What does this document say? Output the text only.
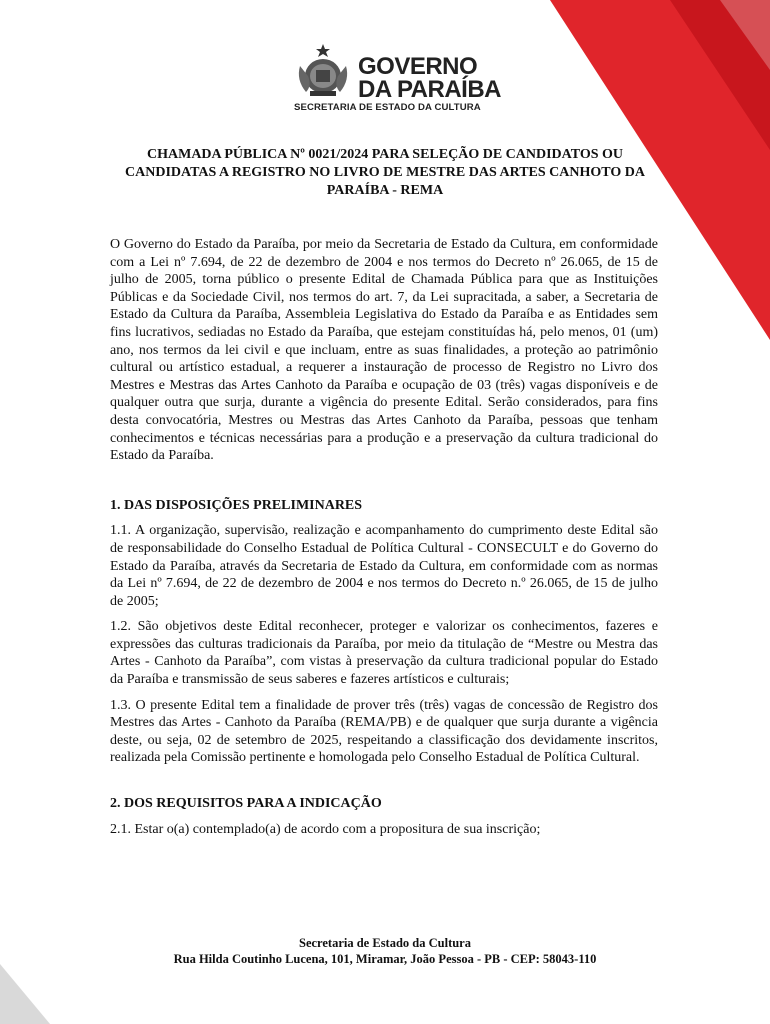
GOVERNO
DA PARAÍBA
SECRETARIA DE ESTADO DA CULTURA
CHAMADA PÚBLICA Nº 0021/2024 PARA SELEÇÃO DE CANDIDATOS OU CANDIDATAS A REGISTRO NO LIVRO DE MESTRE DAS ARTES CANHOTO DA PARAÍBA - REMA

O Governo do Estado da Paraíba, por meio da Secretaria de Estado da Cultura, em conformidade com a Lei nº 7.694, de 22 de dezembro de 2004 e nos termos do Decreto nº 26.065, de 15 de julho de 2005, torna público o presente Edital de Chamada Pública para que as Instituições Públicas e da Sociedade Civil, nos termos do art. 7, da Lei supracitada, a saber, a Secretaria de Estado da Cultura da Paraíba, Assembleia Legislativa do Estado da Paraíba e as Entidades sem fins lucrativos, sediadas no Estado da Paraíba, que estejam constituídas há, pelo menos, 01 (um) ano, nos termos da lei civil e que incluam, entre as suas finalidades, a proteção ao patrimônio cultural ou artístico estadual, a requerer a instauração de processo de Registro no Livro dos Mestres e Mestras das Artes Canhoto da Paraíba e ocupação de 03 (três) vagas disponíveis e de qualquer outra que surja, durante a vigência do presente Edital. Serão considerados, para fins desta convocatória, Mestres ou Mestras das Artes Canhoto da Paraíba, pessoas que tenham conhecimentos e técnicas necessárias para a produção e a preservação da cultura tradicional do Estado da Paraíba.

1. DAS DISPOSIÇÕES PRELIMINARES

1.1. A organização, supervisão, realização e acompanhamento do cumprimento deste Edital são de responsabilidade do Conselho Estadual de Política Cultural - CONSECULT e do Governo do Estado da Paraíba, através da Secretaria de Estado da Cultura, em conformidade com as normas da Lei nº 7.694, de 22 de dezembro de 2004 e nos termos do Decreto n.º 26.065, de 15 de julho de 2005;

1.2. São objetivos deste Edital reconhecer, proteger e valorizar os conhecimentos, fazeres e expressões das culturas tradicionais da Paraíba, por meio da titulação de “Mestre ou Mestra das Artes - Canhoto da Paraíba”, com vistas à preservação da cultura tradicional popular do Estado da Paraíba e transmissão de seus saberes e fazeres artísticos e culturais;

1.3. O presente Edital tem a finalidade de prover três (três) vagas de concessão de Registro dos Mestres das Artes - Canhoto da Paraíba (REMA/PB) e de qualquer que surja durante a vigência deste, ou seja, 02 de setembro de 2025, respeitando a classificação dos devidamente inscritos, realizada pela Comissão pertinente e homologada pelo Conselho Estadual de Política Cultural.

2. DOS REQUISITOS PARA A INDICAÇÃO

2.1. Estar o(a) contemplado(a) de acordo com a propositura de sua inscrição;

Secretaria de Estado da Cultura
Rua Hilda Coutinho Lucena, 101, Miramar, João Pessoa - PB - CEP: 58043-110
